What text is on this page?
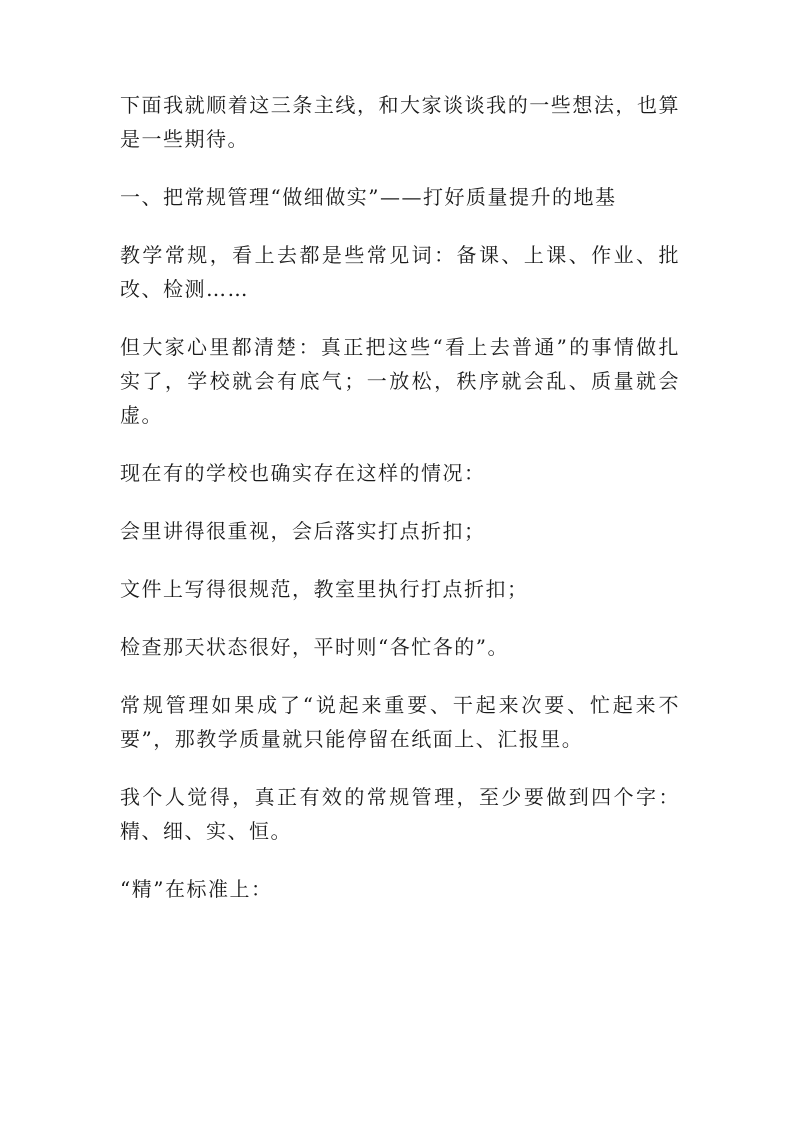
下面我就顺着这三条主线，和大家谈谈我的一些想法，也算是一些期待。

一、把常规管理“做细做实”——打好质量提升的地基

教学常规，看上去都是些常见词：备课、上课、作业、批改、检测……

但大家心里都清楚：真正把这些“看上去普通”的事情做扎实了，学校就会有底气；一放松，秩序就会乱、质量就会虚。

现在有的学校也确实存在这样的情况：

会里讲得很重视，会后落实打点折扣；

文件上写得很规范，教室里执行打点折扣；

检查那天状态很好，平时则“各忙各的”。

常规管理如果成了“说起来重要、干起来次要、忙起来不要”，那教学质量就只能停留在纸面上、汇报里。

我个人觉得，真正有效的常规管理，至少要做到四个字：精、细、实、恒。

“精”在标准上：
